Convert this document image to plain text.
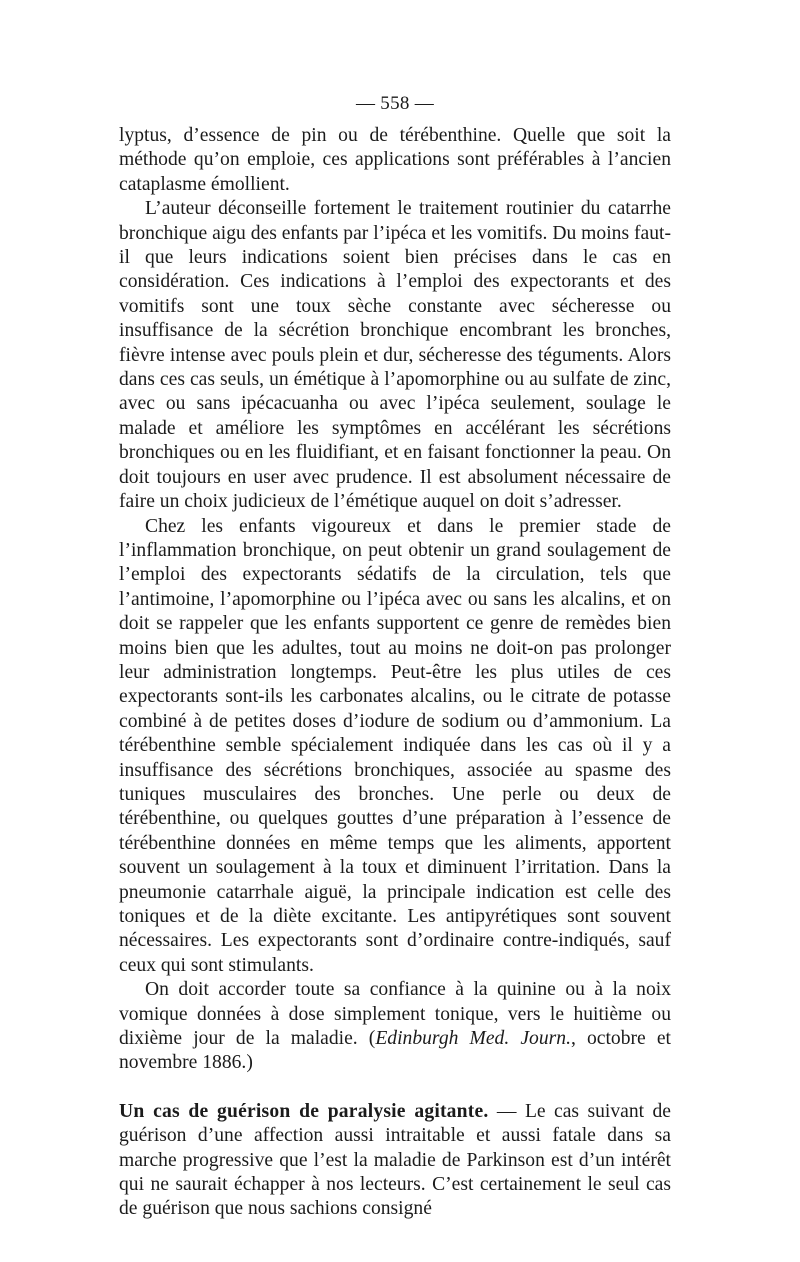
— 558 —

lyptus, d’essence de pin ou de térébenthine. Quelle que soit la méthode qu’on emploie, ces applications sont préférables à l’ancien cataplasme émollient.

L’auteur déconseille fortement le traitement routinier du catarrhe bronchique aigu des enfants par l’ipéca et les vomitifs. Du moins faut-il que leurs indications soient bien précises dans le cas en considération. Ces indications à l’emploi des expectorants et des vomitifs sont une toux sèche constante avec sécheresse ou insuffisance de la sécrétion bronchique encombrant les bronches, fièvre intense avec pouls plein et dur, sécheresse des téguments. Alors dans ces cas seuls, un émétique à l’apomorphine ou au sulfate de zinc, avec ou sans ipécacuanha ou avec l’ipéca seulement, soulage le malade et améliore les symptômes en accélérant les sécrétions bronchiques ou en les fluidifiant, et en faisant fonctionner la peau. On doit toujours en user avec prudence. Il est absolument nécessaire de faire un choix judicieux de l’émétique auquel on doit s’adresser.

Chez les enfants vigoureux et dans le premier stade de l’inflammation bronchique, on peut obtenir un grand soulagement de l’emploi des expectorants sédatifs de la circulation, tels que l’antimoine, l’apomorphine ou l’ipéca avec ou sans les alcalins, et on doit se rappeler que les enfants supportent ce genre de remèdes bien moins bien que les adultes, tout au moins ne doit-on pas prolonger leur administration longtemps. Peut-être les plus utiles de ces expectorants sont-ils les carbonates alcalins, ou le citrate de potasse combiné à de petites doses d’iodure de sodium ou d’ammonium. La térébenthine semble spécialement indiquée dans les cas où il y a insuffisance des sécrétions bronchiques, associée au spasme des tuniques musculaires des bronches. Une perle ou deux de térébenthine, ou quelques gouttes d’une préparation à l’essence de térébenthine données en même temps que les aliments, apportent souvent un soulagement à la toux et diminuent l’irritation. Dans la pneumonie catarrhale aiguë, la principale indication est celle des toniques et de la diète excitante. Les antipyrétiques sont souvent nécessaires. Les expectorants sont d’ordinaire contre-indiqués, sauf ceux qui sont stimulants.

On doit accorder toute sa confiance à la quinine ou à la noix vomique données à dose simplement tonique, vers le huitième ou dixième jour de la maladie. (Edinburgh Med. Journ., octobre et novembre 1886.)

Un cas de guérison de paralysie agitante. — Le cas suivant de guérison d’une affection aussi intraitable et aussi fatale dans sa marche progressive que l’est la maladie de Parkinson est d’un intérêt qui ne saurait échapper à nos lecteurs. C’est certainement le seul cas de guérison que nous sachions consigné
